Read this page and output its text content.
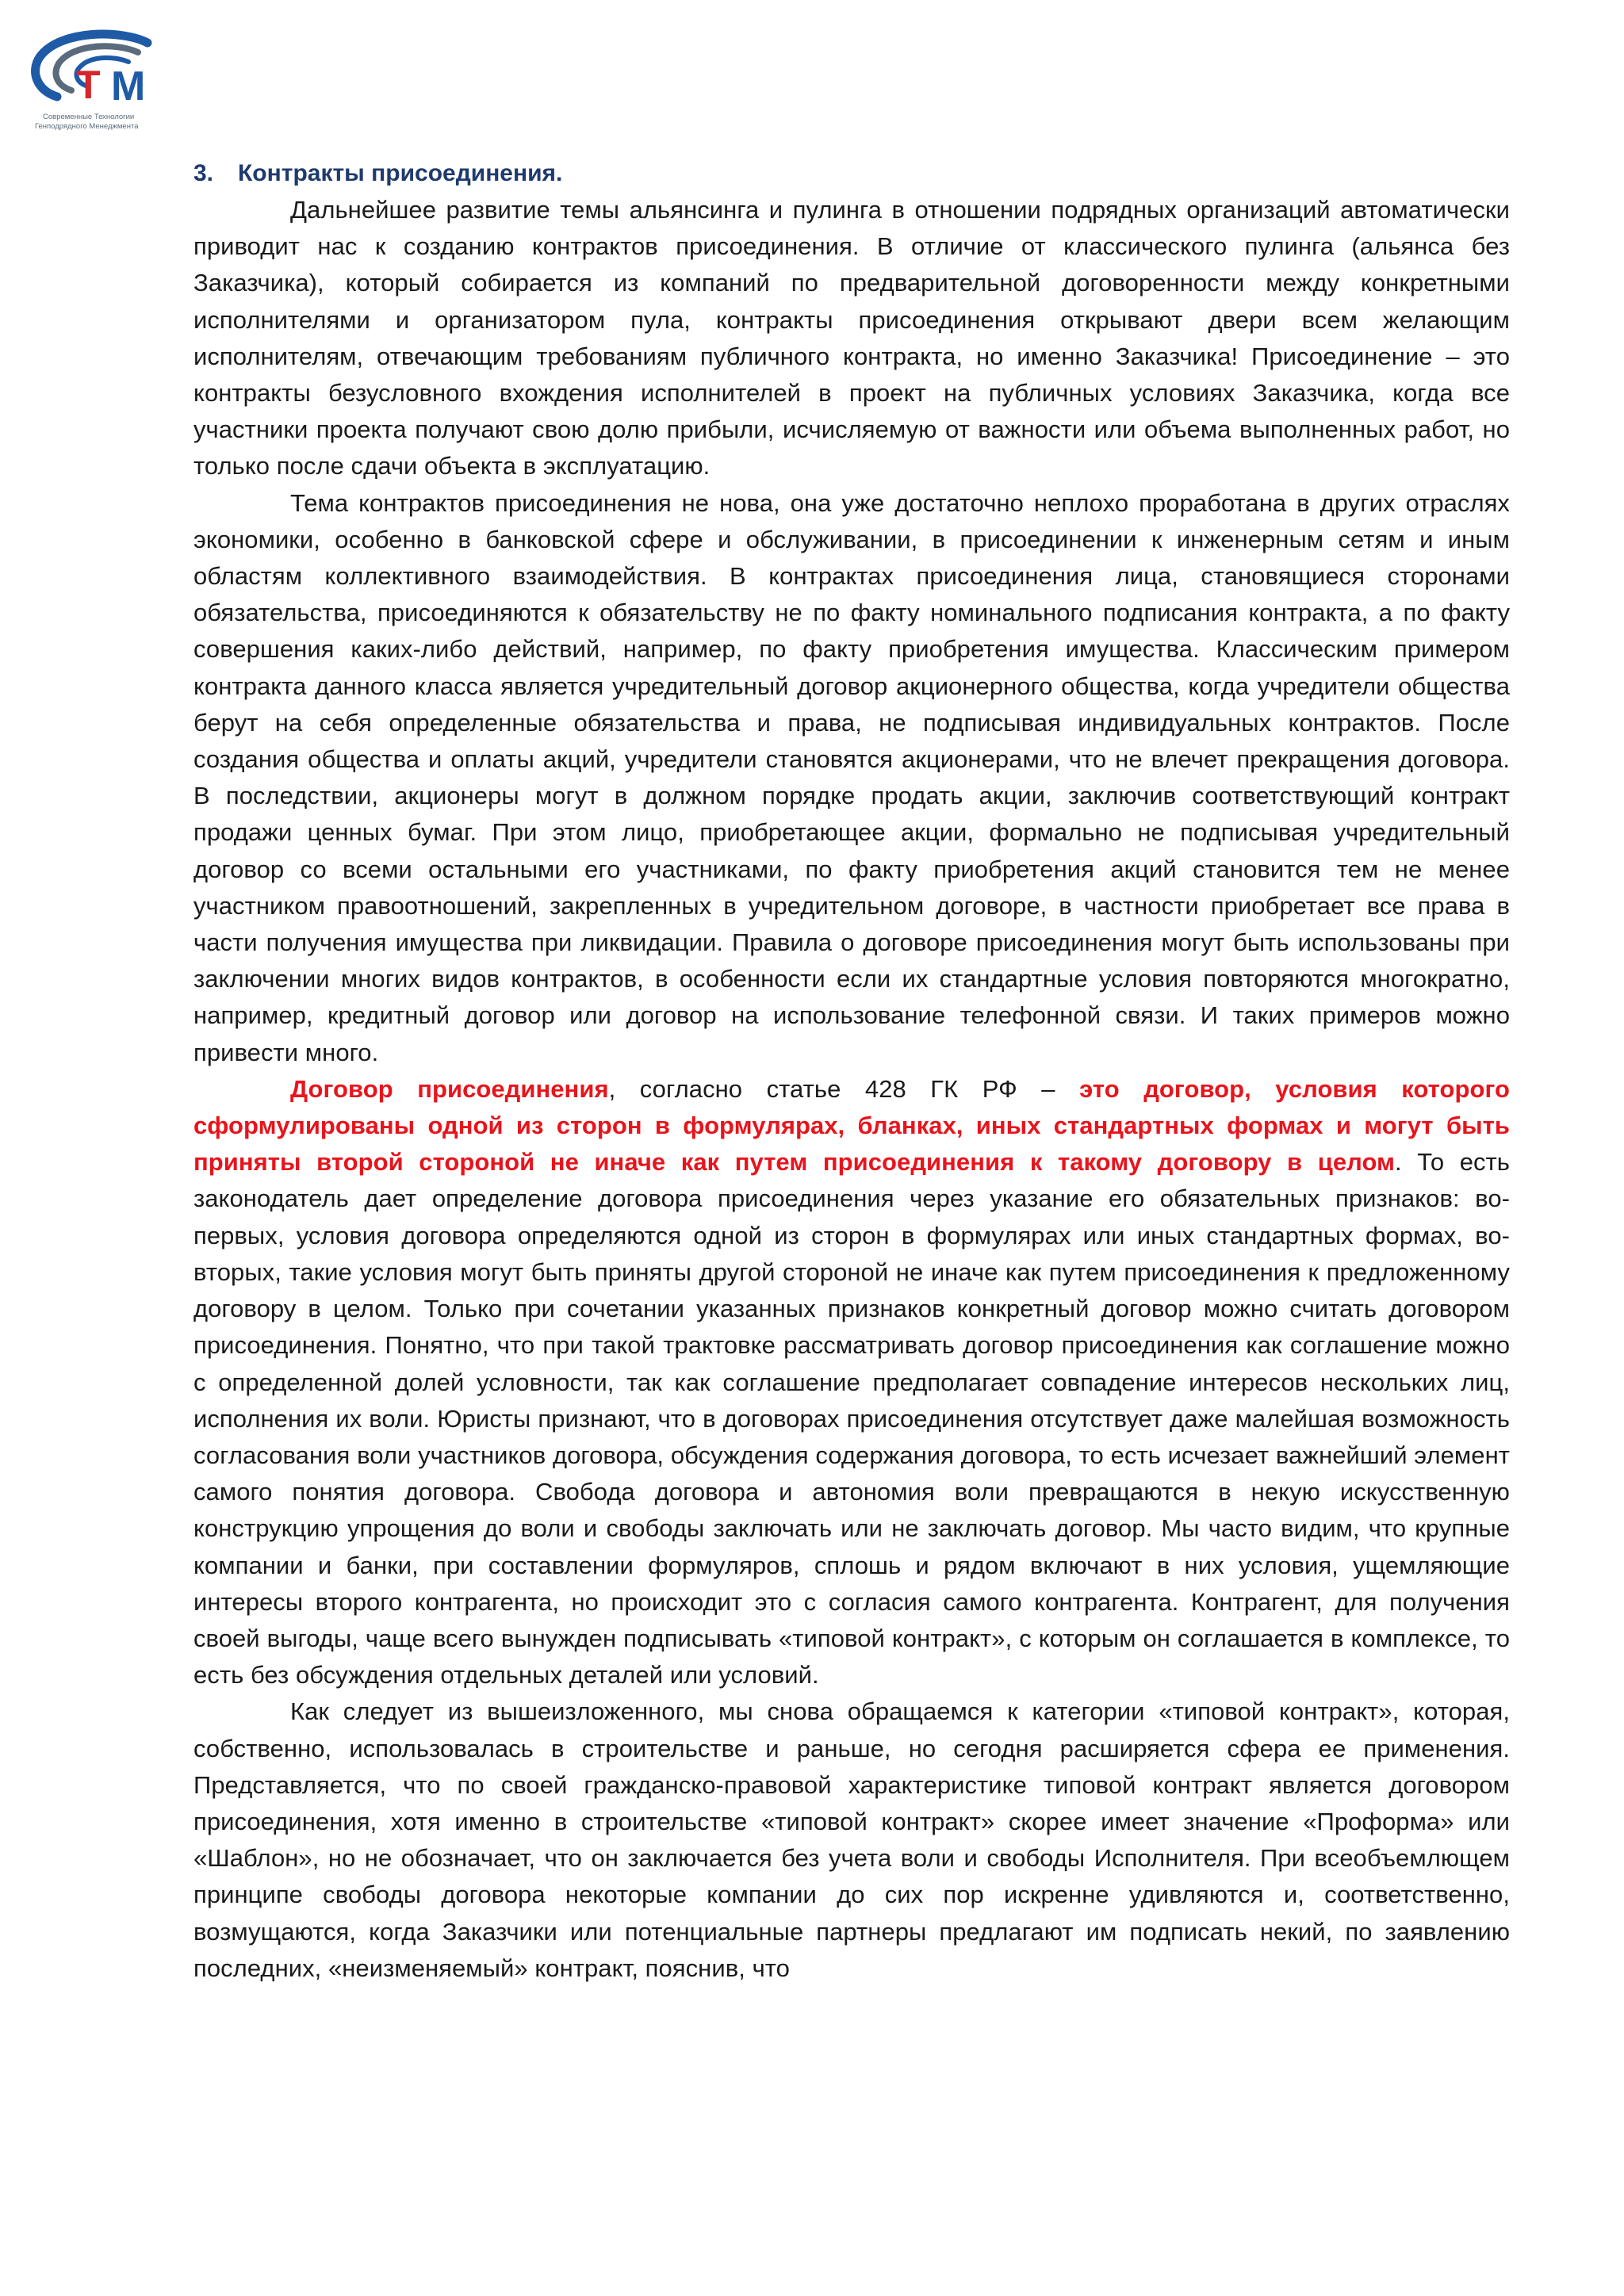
Т М
Современные Технологии
Генподрядного Менеджмента
3. Контракты присоединения.

Дальнейшее развитие темы альянсинга и пулинга в отношении подрядных организаций автоматически приводит нас к созданию контрактов присоединения. В отличие от классического пулинга (альянса без Заказчика), который собирается из компаний по предварительной договоренности между конкретными исполнителями и организатором пула, контракты присоединения открывают двери всем желающим исполнителям, отвечающим требованиям публичного контракта, но именно Заказчика! Присоединение – это контракты безусловного вхождения исполнителей в проект на публичных условиях Заказчика, когда все участники проекта получают свою долю прибыли, исчисляемую от важности или объема выполненных работ, но только после сдачи объекта в эксплуатацию.

Тема контрактов присоединения не нова, она уже достаточно неплохо проработана в других отраслях экономики, особенно в банковской сфере и обслуживании, в присоединении к инженерным сетям и иным областям коллективного взаимодействия. В контрактах присоединения лица, становящиеся сторонами обязательства, присоединяются к обязательству не по факту номинального подписания контракта, а по факту совершения каких-либо действий, например, по факту приобретения имущества. Классическим примером контракта данного класса является учредительный договор акционерного общества, когда учредители общества берут на себя определенные обязательства и права, не подписывая индивидуальных контрактов. После создания общества и оплаты акций, учредители становятся акционерами, что не влечет прекращения договора. В последствии, акционеры могут в должном порядке продать акции, заключив соответствующий контракт продажи ценных бумаг. При этом лицо, приобретающее акции, формально не подписывая учредительный договор со всеми остальными его участниками, по факту приобретения акций становится тем не менее участником правоотношений, закрепленных в учредительном договоре, в частности приобретает все права в части получения имущества при ликвидации. Правила о договоре присоединения могут быть использованы при заключении многих видов контрактов, в особенности если их стандартные условия повторяются многократно, например, кредитный договор или договор на использование телефонной связи. И таких примеров можно привести много.

Договор присоединения, согласно статье 428 ГК РФ – это договор, условия которого сформулированы одной из сторон в формулярах, бланках, иных стандартных формах и могут быть приняты второй стороной не иначе как путем присоединения к такому договору в целом. То есть законодатель дает определение договора присоединения через указание его обязательных признаков: во-первых, условия договора определяются одной из сторон в формулярах или иных стандартных формах, во-вторых, такие условия могут быть приняты другой стороной не иначе как путем присоединения к предложенному договору в целом. Только при сочетании указанных признаков конкретный договор можно считать договором присоединения. Понятно, что при такой трактовке рассматривать договор присоединения как соглашение можно с определенной долей условности, так как соглашение предполагает совпадение интересов нескольких лиц, исполнения их воли. Юристы признают, что в договорах присоединения отсутствует даже малейшая возможность согласования воли участников договора, обсуждения содержания договора, то есть исчезает важнейший элемент самого понятия договора. Свобода договора и автономия воли превращаются в некую искусственную конструкцию упрощения до воли и свободы заключать или не заключать договор. Мы часто видим, что крупные компании и банки, при составлении формуляров, сплошь и рядом включают в них условия, ущемляющие интересы второго контрагента, но происходит это с согласия самого контрагента. Контрагент, для получения своей выгоды, чаще всего вынужден подписывать «типовой контракт», с которым он соглашается в комплексе, то есть без обсуждения отдельных деталей или условий.

Как следует из вышеизложенного, мы снова обращаемся к категории «типовой контракт», которая, собственно, использовалась в строительстве и раньше, но сегодня расширяется сфера ее применения. Представляется, что по своей гражданско-правовой характеристике типовой контракт является договором присоединения, хотя именно в строительстве «типовой контракт» скорее имеет значение «Проформа» или «Шаблон», но не обозначает, что он заключается без учета воли и свободы Исполнителя. При всеобъемлющем принципе свободы договора некоторые компании до сих пор искренне удивляются и, соответственно, возмущаются, когда Заказчики или потенциальные партнеры предлагают им подписать некий, по заявлению последних, «неизменяемый» контракт, пояснив, что
